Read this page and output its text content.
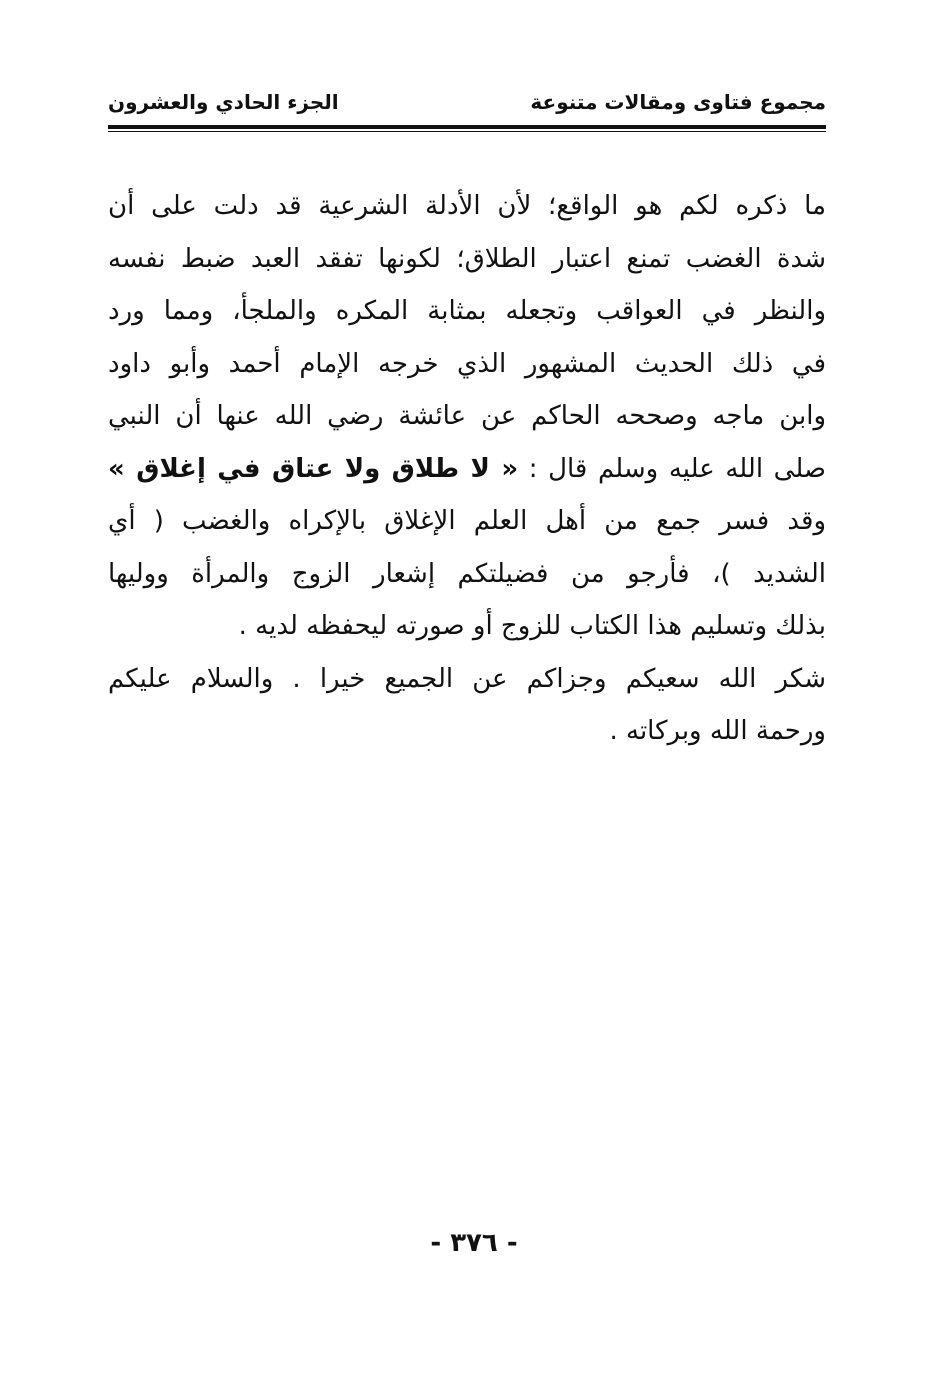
مجموع فتاوى ومقالات متنوعة
الجزء الحادي والعشرون
ما ذكره لكم هو الواقع؛ لأن الأدلة الشرعية قد دلت على أن
شدة الغضب تمنع اعتبار الطلاق؛ لكونها تفقد العبد ضبط نفسه
والنظر في العواقب وتجعله بمثابة المكره والملجأ، ومما ورد
في ذلك الحديث المشهور الذي خرجه الإمام أحمد وأبو داود
وابن ماجه وصححه الحاكم عن عائشة رضي الله عنها أن النبي
صلى الله عليه وسلم قال : « لا طلاق ولا عتاق في إغلاق »
وقد فسر جمع من أهل العلم الإغلاق بالإكراه والغضب ( أي
الشديد )، فأرجو من فضيلتكم إشعار الزوج والمرأة ووليها
بذلك وتسليم هذا الكتاب للزوج أو صورته ليحفظه لديه .
شكر الله سعيكم وجزاكم عن الجميع خيرا . والسلام عليكم
ورحمة الله وبركاته .
- ٣٧٦ -
